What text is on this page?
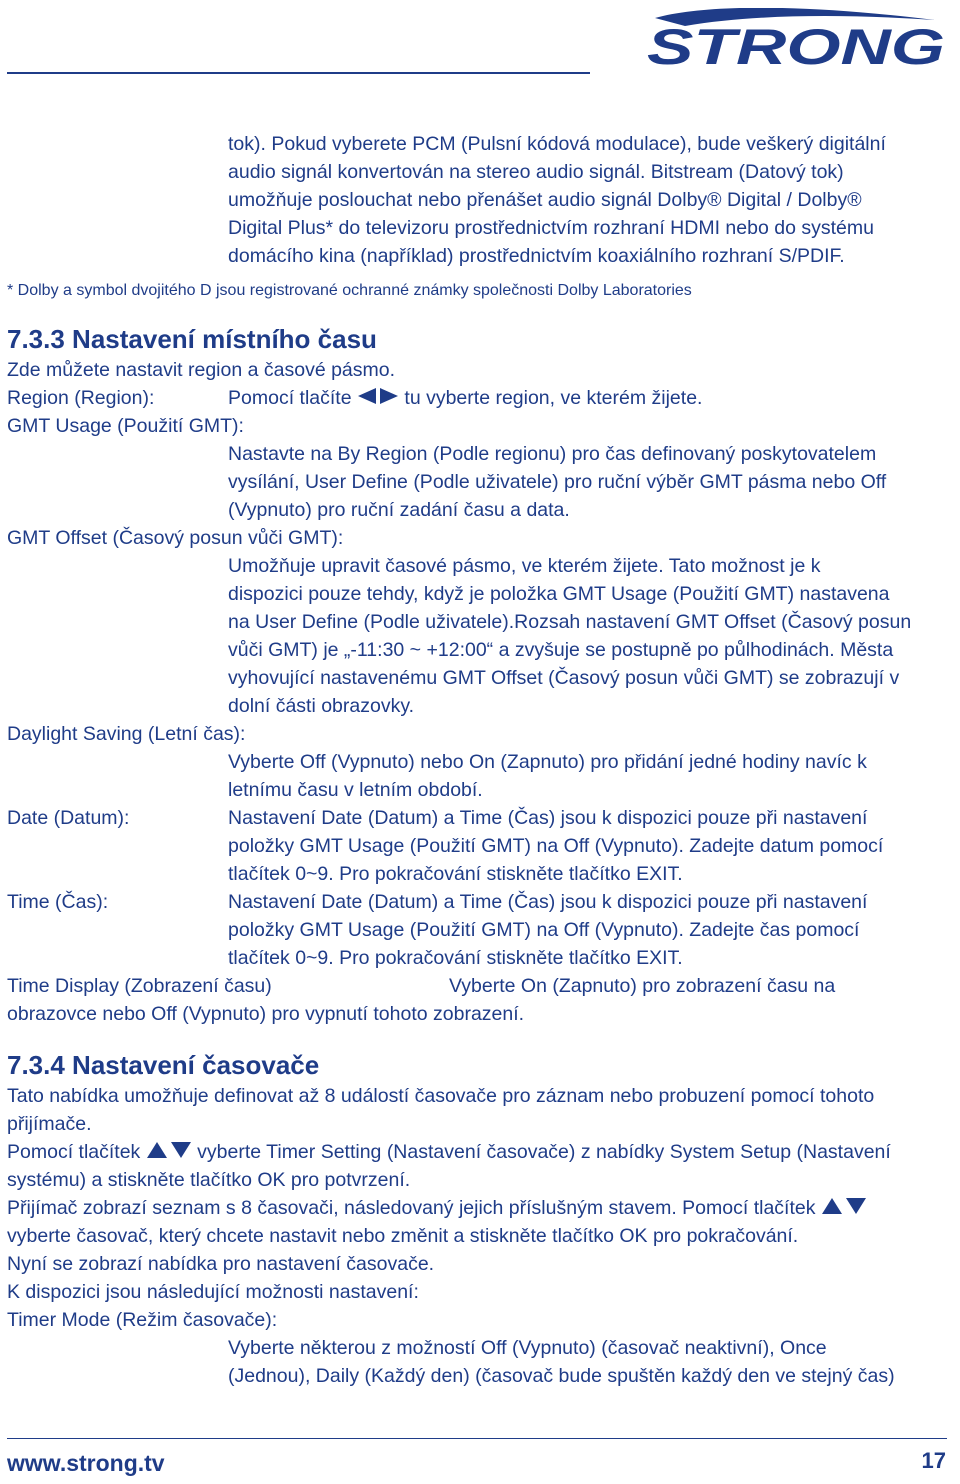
STRONG
tok). Pokud vyberete PCM (Pulsní kódová modulace), bude veškerý digitální
audio signál konvertován na stereo audio signál. Bitstream (Datový tok)
umožňuje poslouchat nebo přenášet audio signál Dolby® Digital / Dolby®
Digital Plus* do televizoru prostřednictvím rozhraní HDMI nebo do systému
domácího kina (například) prostřednictvím koaxiálního rozhraní S/PDIF.
* Dolby a symbol dvojitého D jsou registrované ochranné známky společnosti Dolby Laboratories
7.3.3 Nastavení místního času
Zde můžete nastavit region a časové pásmo.
Region (Region):	Pomocí tlačíte	tu vyberte region, ve kterém žijete.
GMT Usage (Použití GMT):
Nastavte na By Region (Podle regionu) pro čas definovaný poskytovatelem
vysílání, User Define (Podle uživatele) pro ruční výběr GMT pásma nebo Off
(Vypnuto) pro ruční zadání času a data.
GMT Offset (Časový posun vůči GMT):
Umožňuje upravit časové pásmo, ve kterém žijete. Tato možnost je k
dispozici pouze tehdy, když je položka GMT Usage (Použití GMT) nastavena
na User Define (Podle uživatele).Rozsah nastavení GMT Offset (Časový posun
vůči GMT) je „-11:30 ~ +12:00“ a zvyšuje se postupně po půlhodinách. Města
vyhovující nastavenému GMT Offset (Časový posun vůči GMT) se zobrazují v
dolní části obrazovky.
Daylight Saving (Letní čas):
Vyberte Off (Vypnuto) nebo On (Zapnuto) pro přidání jedné hodiny navíc k
letnímu času v letním období.
Date (Datum):	Nastavení Date (Datum) a Time (Čas) jsou k dispozici pouze při nastavení
položky GMT Usage (Použití GMT) na Off (Vypnuto). Zadejte datum pomocí
tlačítek 0~9. Pro pokračování stiskněte tlačítko EXIT.
Time (Čas):	Nastavení Date (Datum) a Time (Čas) jsou k dispozici pouze při nastavení
položky GMT Usage (Použití GMT) na Off (Vypnuto). Zadejte čas pomocí
tlačítek 0~9. Pro pokračování stiskněte tlačítko EXIT.
Time Display (Zobrazení času)	Vyberte On (Zapnuto) pro zobrazení času na
obrazovce nebo Off (Vypnuto) pro vypnutí tohoto zobrazení.
7.3.4 Nastavení časovače
Tato nabídka umožňuje definovat až 8 událostí časovače pro záznam nebo probuzení pomocí tohoto
přijímače.
Pomocí tlačítek	vyberte Timer Setting (Nastavení časovače) z nabídky System Setup (Nastavení
systému) a stiskněte tlačítko OK pro potvrzení.
Přijímač zobrazí seznam s 8 časovači, následovaný jejich příslušným stavem. Pomocí tlačítek
vyberte časovač, který chcete nastavit nebo změnit a stiskněte tlačítko OK pro pokračování.
Nyní se zobrazí nabídka pro nastavení časovače.
K dispozici jsou následující možnosti nastavení:
Timer Mode (Režim časovače):
Vyberte některou z možností Off (Vypnuto) (časovač neaktivní), Once
(Jednou), Daily (Každý den) (časovač bude spuštěn každý den ve stejný čas)
www.strong.tv	17
